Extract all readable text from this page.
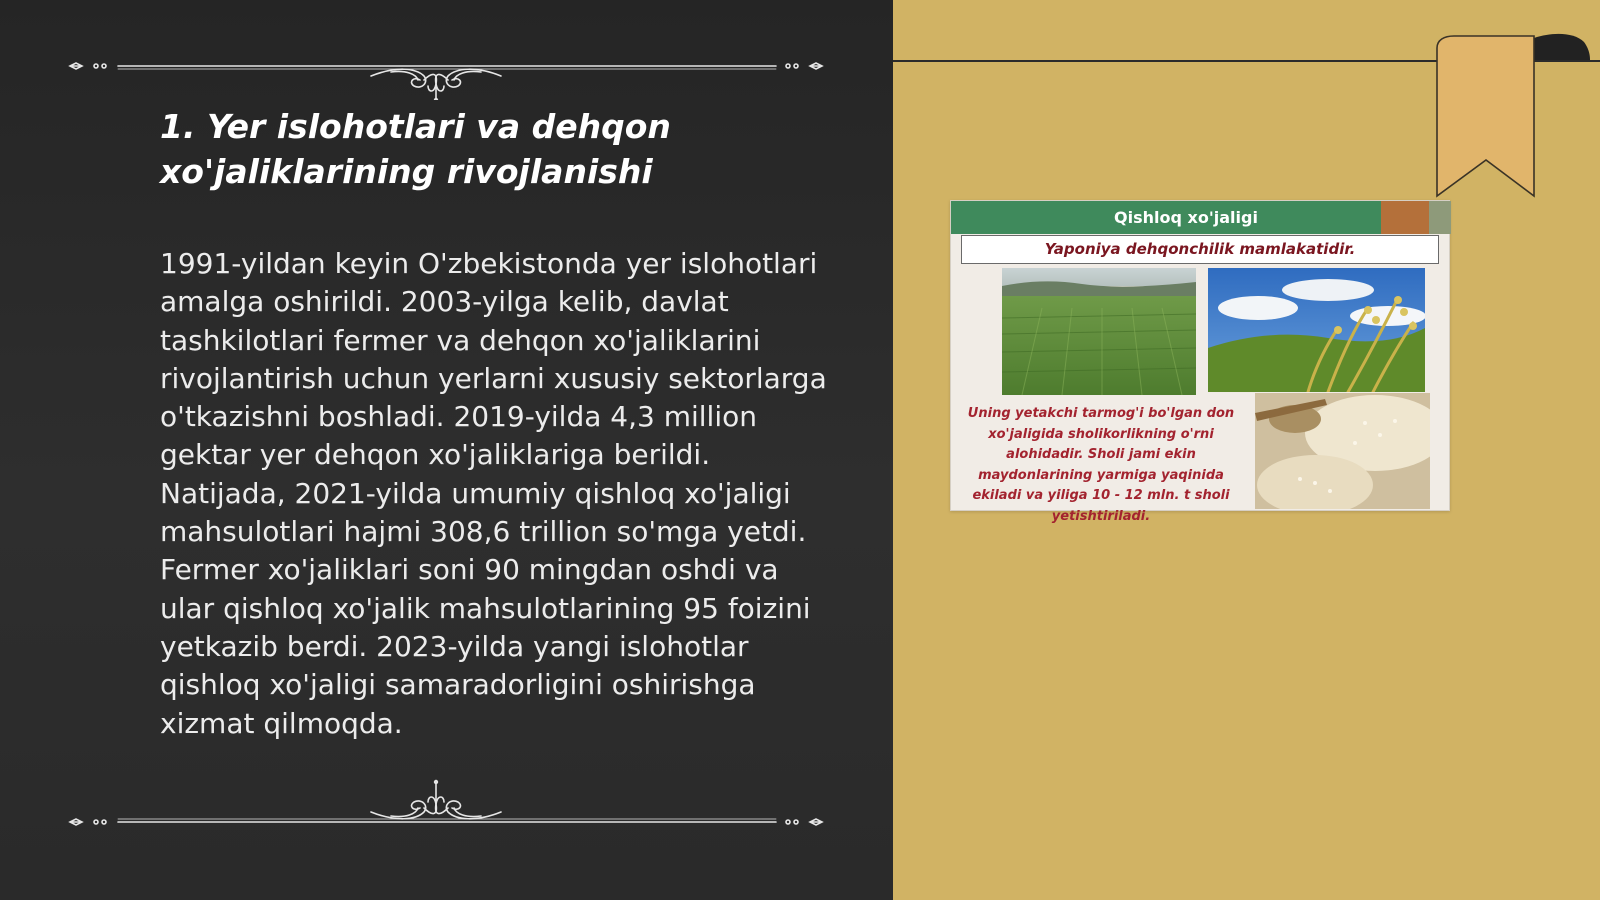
1. Yer islohotlari va dehqon xo'jaliklarining rivojlanishi
1991-yildan keyin O'zbekistonda yer islohotlari amalga oshirildi. 2003-yilga kelib, davlat tashkilotlari fermer va dehqon xo'jaliklarini rivojlantirish uchun yerlarni xususiy sektorlarga o'tkazishni boshladi. 2019-yilda 4,3 million gektar yer dehqon xo'jaliklariga berildi. Natijada, 2021-yilda umumiy qishloq xo'jaligi mahsulotlari hajmi 308,6 trillion so'mga yetdi. Fermer xo'jaliklari soni 90 mingdan oshdi va ular qishloq xo'jalik mahsulotlarining 95 foizini yetkazib berdi. 2023-yilda yangi islohotlar qishloq xo'jaligi samaradorligini oshirishga xizmat qilmoqda.
Qishloq xo'jaligi
Yaponiya dehqonchilik mamlakatidir.
Uning yetakchi tarmog'i bo'lgan don xo'jaligida sholikorlikning o'rni alohidadir. Sholi jami ekin maydonlarining yarmiga yaqinida ekiladi va yiliga 10 - 12 mln. t sholi yetishtiriladi.
